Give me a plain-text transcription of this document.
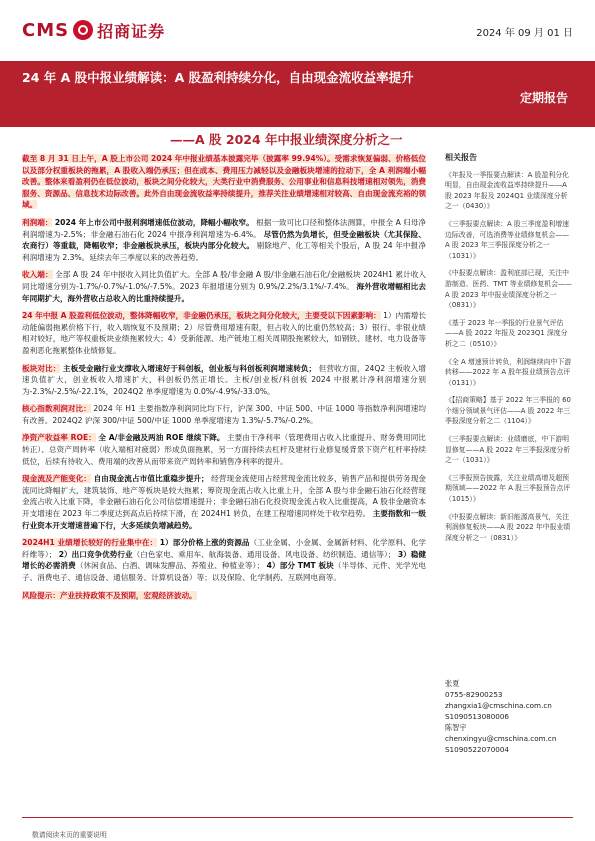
CMS 招商证券	2024 年 09 月 01 日
24 年 A 股中报业绩解读：A 股盈利持续分化，自由现金流收益率提升
定期报告
——A 股 2024 年中报业绩深度分析之一

截至 8 月 31 日上午，A 股上市公司 2024 年中报业绩基本披露完毕（披露率 99.94%）。受需求恢复偏弱、价格低位以及部分权重板块的拖累，A 股收入端仍承压；但在成本、费用压力减轻以及金融板块增速的拉动下，全 A 利润端小幅改善。整体来看盈利仍在低位波动，板块之间分化较大，大类行业中消费服务、公用事业和信息科技增速相对领先，消费服务、资源品、信息技术边际改善。此外自由现金流收益率持续提升，推荐关注业绩增速相对较高、自由现金流充裕的领域。

利润端： 2024 年上市公司中报利润增速低位波动，降幅小幅收窄。 根据一致可比口径和整体法测算，中报全 A 归母净利润增速为-2.5%；非金融石油石化 2024 中报净利润增速为-6.4%。 尽管仍然为负增长，但受金融板块（尤其保险、农商行）等重载，降幅收窄；非金融板块承压，板块内部分化较大。 剔除地产、化工等相关个股后，A 股 24 年中报净利润增速为 2.3%。延续去年三季度以来的改善趋势。

收入端： 全部 A 股 24 年中报收入同比负值扩大。全部 A 股/非金融 A 股/非金融石油石化/金融板块 2024H1 累计收入同比增速分别为-1.7%/-0.7%/-1.0%/-7.5%。2023 年报增速分别为 0.9%/2.2%/3.1%/-7.4%。 海外营收增幅相比去年同期扩大，海外营收占总收入的比重持续提升。

24 年中报 A 股盈利低位波动，整体降幅收窄，非金融仍承压，板块之间分化较大，主要受以下因素影响： 1）内需增长动能偏弱拖累价格下行，收入端恢复不及预期；2）尽管费用增速有限，但占收入的比重仍然较高；3）银行、非银业绩相对较好，地产等权重板块业绩拖累较大；4）受新能源、地产链地工相关周期股拖累较大，如钢铁、建材、电力设备等盈利恶化拖累整体业绩修复。

板块对比： 主板受金融行业支撑收入增速好于科创板，创业板与科创板利润增速转负； 但营收方面，24Q2 主板收入增速负值扩大，创业板收入增速扩大，科创板仍然正增长。主板/创业板/科创板 2024 中报累计净利润增速分别为-2.3%/-2.5%/-22.1%，2024Q2 单季度增速为 0.0%/-4.9%/-33.0%。

核心指数利润对比： 2024 年 H1 主要指数净利润同比均下行，沪深 300、中证 500、中证 1000 等指数净利润增速均有改善。2024Q2 沪深 300/中证 500/中证 1000 单季度增速为 1.3%/-5.7%/-0.2%。

净资产收益率 ROE： 全 A/非金融及两油 ROE 继续下降。 主要由于净利率（管理费用占收入比重提升、财务费用同比转正）、总资产周转率（收入端相对疲弱）形成负面拖累，另一方面持续去杠杆及建材行业修复缓背景下资产杠杆率持续低位，后续有待收入、费用端的改善从而带来资产周转率和销售净利率的提升。

现金流及产能变化： 自由现金流占市值比重稳步提升； 经营现金流使用占经营现金流比较多，销售产品和提供劳务现金流同比降幅扩大，建筑装饰、地产等板块是较大拖累；筹资现金流占收入比重上升，全部 A 股与非金融石油石化经营现金流占收入比重下降，非金融石油石化公司信偿增速提升；非金融石油石化投资现金流占收入比重提高，A 股非金融资本开支增速在 2023 年二季度达到高点后持续下滑，在 2024H1 转负，在建工程增速同样处于收窄趋势。 主要指数和一级行业资本开支增速普遍下行，大多延续负增减趋势。

2024H1 业绩增长较好的行业集中在： 1）部分价格上涨的资源品（工业金属、小金属、金属新材料、化学原料、化学纤维等）； 2）出口竞争优势行业（白色家电、乘用车、航海装备、通用设备、风电设备、纺织制造、通信等）； 3）稳健增长的必需消费（休闲食品、白酒、调味发酵品、养殖业、种植业等）； 4）部分 TMT 板块（半导体、元件、光学光电子、消费电子、通信设备、通信服务、计算机设备）等；以及保险、化学制药、互联网电商等。

风险提示：产业扶持政策不及预期，宏观经济波动。

相关报告
《年报及一季报要点解读：A 股盈利分化明显，自由现金流收益率持续提升——A 股 2023 年报及 2024Q1 业绩深度分析之一（0430）》
《三季报要点解读：A 股三季度盈利增速边际改善，可选消费等业绩修复机会——A 股 2023 年三季报深度分析之一（1031）》
《中报要点解读：盈利底部已现，关注中游制造、医药、TMT 等业绩修复机会——A 股 2023 年中报业绩深度分析之一（0831）》
《基于 2023 年一季报的行业景气评估——A 股 2022 年报及 2023Q1 深度分析之二（0510）》
《全 A 增速预计转负，利润继续向中下游转移——2022 年 A 股年报业绩预告点评（0131）》
《【招商策略】基于 2022 年三季报的 60 个细分领域景气评估——A 股 2022 年三季报深度分析之二（1104）》
《三季报要点解读：业绩磨底，中下游明显修复——A 股 2022 年三季报深度分析之一（1031）》
《三季报预告披露，关注业绩高增及超预期领域——2022 年 A 股三季报预告点评（1015）》
《中报要点解读：新旧能源高景气，关注利润修复板块——A 股 2022 年中报业绩深度分析之一（0831）》
张夏
0755-82900253
zhangxia1@cmschina.com.cn
S1090513080006
陈智宇
chenxingyu@cmschina.com.cn
S1090522070004
敬请阅读末页的重要说明
